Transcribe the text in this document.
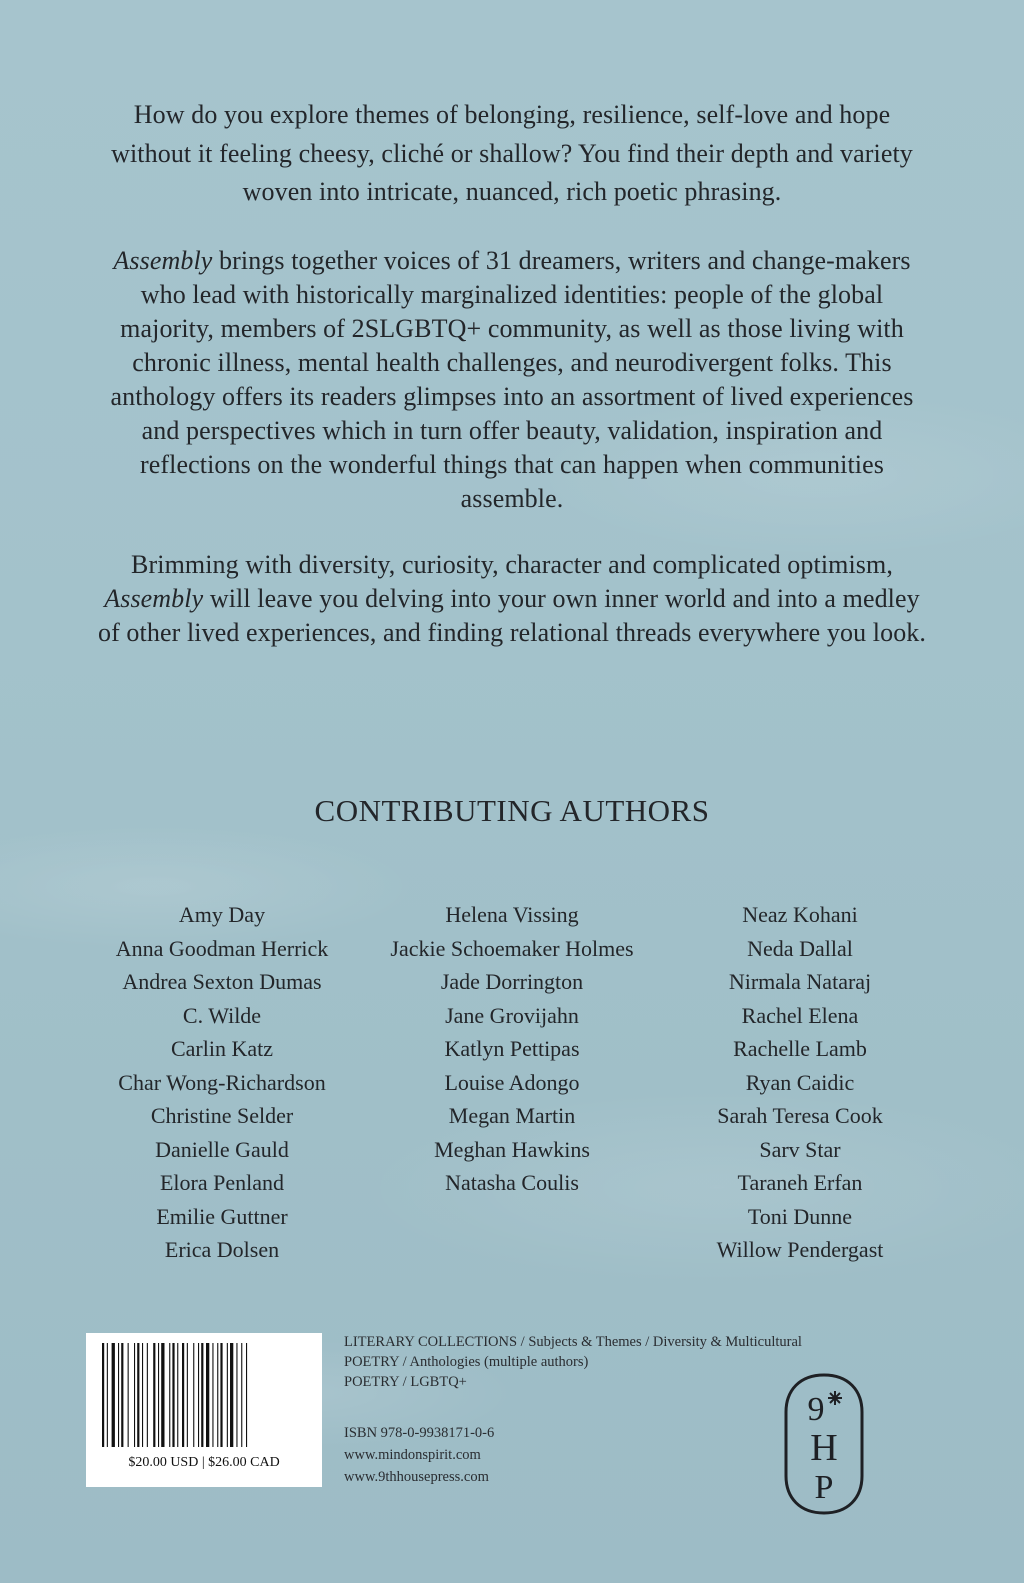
How do you explore themes of belonging, resilience, self-love and hope without it feeling cheesy, cliché or shallow? You find their depth and variety woven into intricate, nuanced, rich poetic phrasing.

Assembly brings together voices of 31 dreamers, writers and change-makers who lead with historically marginalized identities: people of the global majority, members of 2SLGBTQ+ community, as well as those living with chronic illness, mental health challenges, and neurodivergent folks. This anthology offers its readers glimpses into an assortment of lived experiences and perspectives which in turn offer beauty, validation, inspiration and reflections on the wonderful things that can happen when communities assemble.

Brimming with diversity, curiosity, character and complicated optimism, Assembly will leave you delving into your own inner world and into a medley of other lived experiences, and finding relational threads everywhere you look.

CONTRIBUTING AUTHORS
Amy Day
Anna Goodman Herrick
Andrea Sexton Dumas
C. Wilde
Carlin Katz
Char Wong-Richardson
Christine Selder
Danielle Gauld
Elora Penland
Emilie Guttner
Erica Dolsen
Helena Vissing
Jackie Schoemaker Holmes
Jade Dorrington
Jane Grovijahn
Katlyn Pettipas
Louise Adongo
Megan Martin
Meghan Hawkins
Natasha Coulis
Neaz Kohani
Neda Dallal
Nirmala Nataraj
Rachel Elena
Rachelle Lamb
Ryan Caidic
Sarah Teresa Cook
Sarv Star
Taraneh Erfan
Toni Dunne
Willow Pendergast
$20.00 USD | $26.00 CAD
LITERARY COLLECTIONS / Subjects & Themes / Diversity & Multicultural
POETRY / Anthologies (multiple authors)
POETRY / LGBTQ+
ISBN 978-0-9938171-0-6
www.mindonspirit.com
www.9thhousepress.com
9
H
P
